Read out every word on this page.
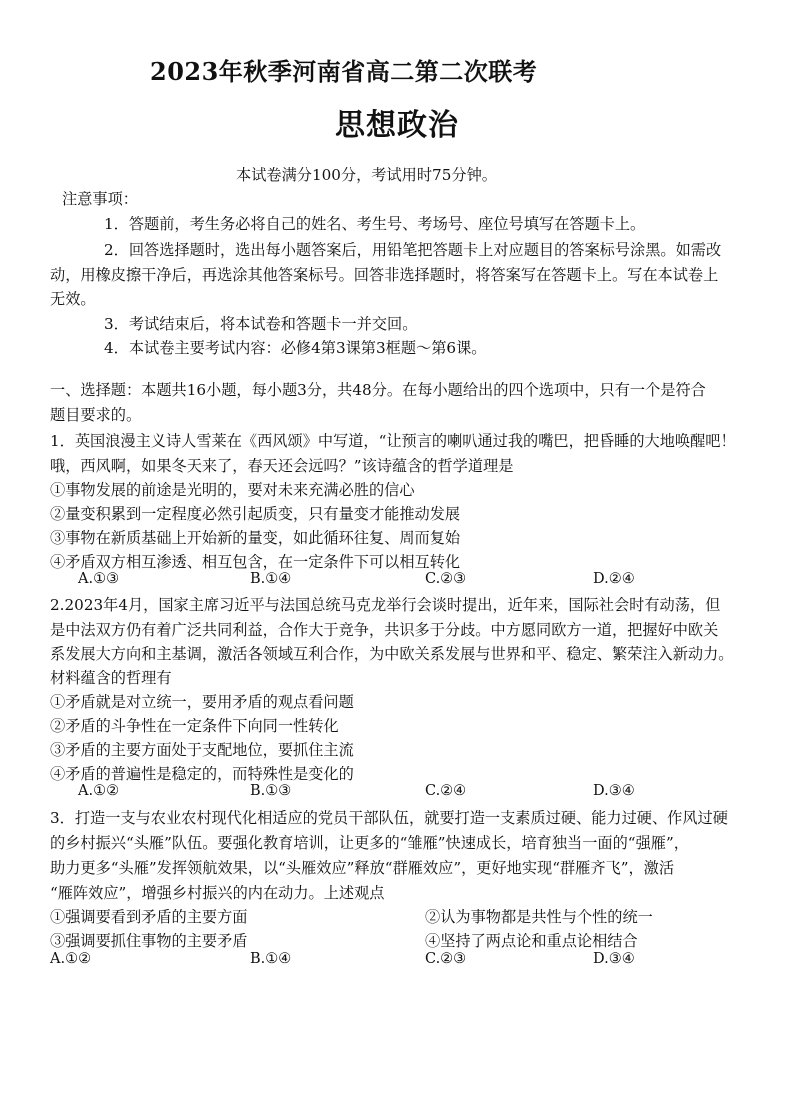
2023年秋季河南省高二第二次联考
思想政治
本试卷满分100分，考试用时75分钟。
注意事项：
1．答题前，考生务必将自己的姓名、考生号、考场号、座位号填写在答题卡上。
2．回答选择题时，选出每小题答案后，用铅笔把答题卡上对应题目的答案标号涂黑。如需改
动，用橡皮擦干净后，再选涂其他答案标号。回答非选择题时，将答案写在答题卡上。写在本试卷上
无效。
3．考试结束后，将本试卷和答题卡一并交回。
4．本试卷主要考试内容：必修4第3课第3框题～第6课。
一、选择题：本题共16小题，每小题3分，共48分。在每小题给出的四个选项中，只有一个是符合
题目要求的。
1．英国浪漫主义诗人雪莱在《西风颂》中写道，“让预言的喇叭通过我的嘴巴，把昏睡的大地唤醒吧！
哦，西风啊，如果冬天来了，春天还会远吗？”该诗蕴含的哲学道理是
①事物发展的前途是光明的，要对未来充满必胜的信心
②量变积累到一定程度必然引起质变，只有量变才能推动发展
③事物在新质基础上开始新的量变，如此循环往复、周而复始
④矛盾双方相互渗透、相互包含，在一定条件下可以相互转化
A.①③	B.①④	C.②③	D.②④
2.2023年4月，国家主席习近平与法国总统马克龙举行会谈时提出，近年来，国际社会时有动荡，但
是中法双方仍有着广泛共同利益，合作大于竞争，共识多于分歧。中方愿同欧方一道，把握好中欧关
系发展大方向和主基调，激活各领域互利合作，为中欧关系发展与世界和平、稳定、繁荣注入新动力。
材料蕴含的哲理有
①矛盾就是对立统一，要用矛盾的观点看问题
②矛盾的斗争性在一定条件下向同一性转化
③矛盾的主要方面处于支配地位，要抓住主流
④矛盾的普遍性是稳定的，而特殊性是变化的
A.①②	B.①③	C.②④	D.③④
3．打造一支与农业农村现代化相适应的党员干部队伍，就要打造一支素质过硬、能力过硬、作风过硬
的乡村振兴“头雁”队伍。要强化教育培训，让更多的“雏雁”快速成长，培育独当一面的“强雁”，
助力更多“头雁”发挥领航效果，以“头雁效应”释放“群雁效应”，更好地实现“群雁齐飞”，激活
“雁阵效应”，增强乡村振兴的内在动力。上述观点
①强调要看到矛盾的主要方面	②认为事物都是共性与个性的统一
③强调要抓住事物的主要矛盾	④坚持了两点论和重点论相结合
A.①②	B.①④	C.②③	D.③④
